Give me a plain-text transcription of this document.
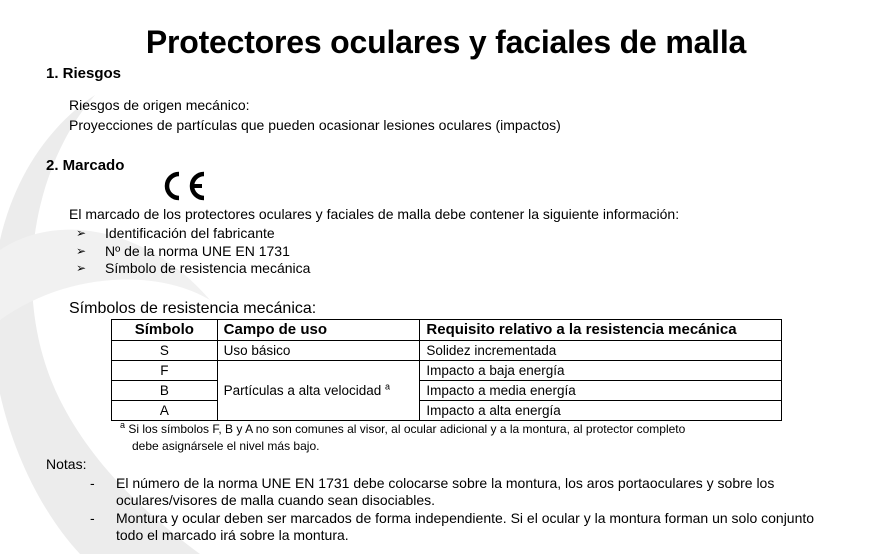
Protectores oculares y faciales de malla
1. Riesgos
Riesgos de origen mecánico:
Proyecciones de partículas que pueden ocasionar lesiones oculares (impactos)
2. Marcado
El marcado de los protectores oculares y faciales de malla debe contener la siguiente información:
➢	Identificación del fabricante
➢	Nº de la norma UNE EN 1731
➢	Símbolo de resistencia mecánica
Símbolos de resistencia mecánica:
Símbolo	Campo de uso	Requisito relativo a la resistencia mecánica
S	Uso básico	Solidez incrementada
F	Partículas a alta velocidad $^a$	Impacto a baja energía
B		Impacto a media energía
A		Impacto a alta energía
$^a$ Si los símbolos F, B y A no son comunes al visor, al ocular adicional y a la montura, al protector completo
debe asignársele el nivel más bajo.
Notas:
-	El número de la norma UNE EN 1731 debe colocarse sobre la montura, los aros portaoculares y sobre los oculares/visores de malla cuando sean disociables.
-	Montura y ocular deben ser marcados de forma independiente. Si el ocular y la montura forman un solo conjunto todo el marcado irá sobre la montura.
